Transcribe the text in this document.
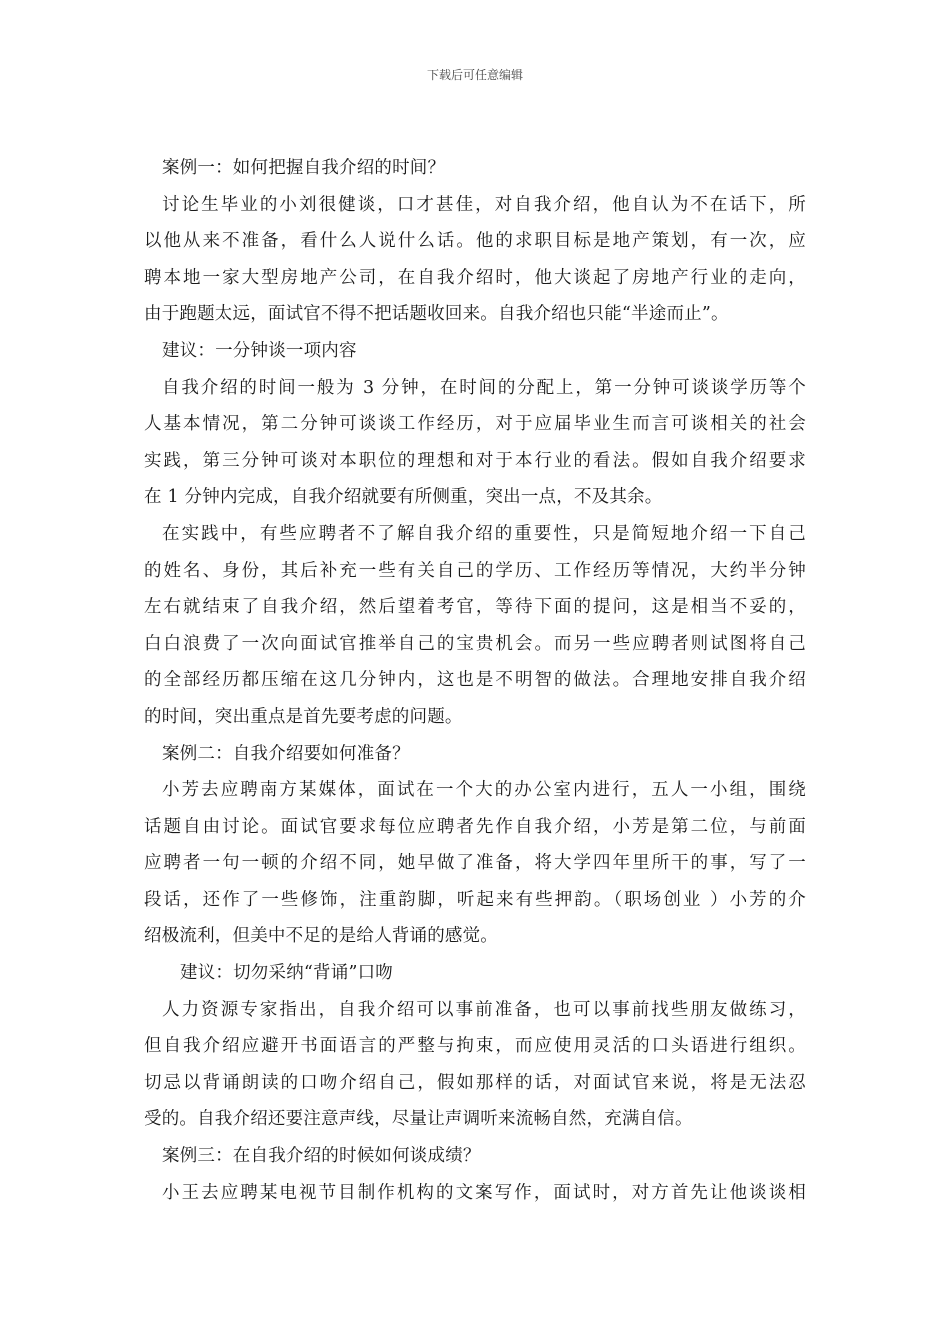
下载后可任意编辑
案例一：如何把握自我介绍的时间？
讨论生毕业的小刘很健谈，口才甚佳，对自我介绍，他自认为不在话下，所
以他从来不准备，看什么人说什么话。他的求职目标是地产策划，有一次，应
聘本地一家大型房地产公司，在自我介绍时，他大谈起了房地产行业的走向，
由于跑题太远，面试官不得不把话题收回来。自我介绍也只能“半途而止”。
建议：一分钟谈一项内容
自我介绍的时间一般为 3 分钟，在时间的分配上，第一分钟可谈谈学历等个
人基本情况，第二分钟可谈谈工作经历，对于应届毕业生而言可谈相关的社会
实践，第三分钟可谈对本职位的理想和对于本行业的看法。假如自我介绍要求
在 1 分钟内完成，自我介绍就要有所侧重，突出一点，不及其余。
在实践中，有些应聘者不了解自我介绍的重要性，只是简短地介绍一下自己
的姓名、身份，其后补充一些有关自己的学历、工作经历等情况，大约半分钟
左右就结束了自我介绍，然后望着考官，等待下面的提问，这是相当不妥的，
白白浪费了一次向面试官推举自己的宝贵机会。而另一些应聘者则试图将自己
的全部经历都压缩在这几分钟内，这也是不明智的做法。合理地安排自我介绍
的时间，突出重点是首先要考虑的问题。
案例二：自我介绍要如何准备？
小芳去应聘南方某媒体，面试在一个大的办公室内进行，五人一小组，围绕
话题自由讨论。面试官要求每位应聘者先作自我介绍，小芳是第二位，与前面
应聘者一句一顿的介绍不同，她早做了准备，将大学四年里所干的事，写了一
段话，还作了一些修饰，注重韵脚，听起来有些押韵。（职场创业 ）小芳的介
绍极流利，但美中不足的是给人背诵的感觉。
建议：切勿采纳“背诵”口吻
人力资源专家指出，自我介绍可以事前准备，也可以事前找些朋友做练习，
但自我介绍应避开书面语言的严整与拘束，而应使用灵活的口头语进行组织。
切忌以背诵朗读的口吻介绍自己，假如那样的话，对面试官来说，将是无法忍
受的。自我介绍还要注意声线，尽量让声调听来流畅自然，充满自信。
案例三：在自我介绍的时候如何谈成绩？
小王去应聘某电视节目制作机构的文案写作，面试时，对方首先让他谈谈相
